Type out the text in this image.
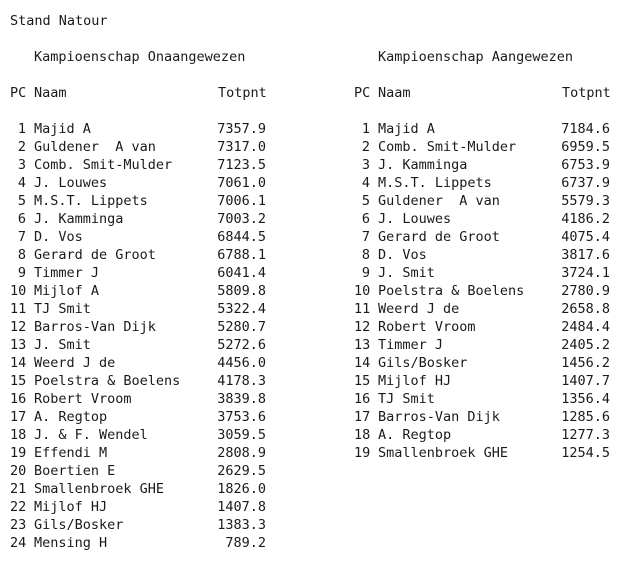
Stand Natour
Kampioenschap Onaangewezen
PC Naam	Totpnt
1 Majid A	7357.9
2 Guldener  A van	7317.0
3 Comb. Smit-Mulder	7123.5
4 J. Louwes	7061.0
5 M.S.T. Lippets	7006.1
6 J. Kamminga	7003.2
7 D. Vos	6844.5
8 Gerard de Groot	6788.1
9 Timmer J	6041.4
10 Mijlof A	5809.8
11 TJ Smit	5322.4
12 Barros-Van Dijk	5280.7
13 J. Smit	5272.6
14 Weerd J de	4456.0
15 Poelstra & Boelens	4178.3
16 Robert Vroom	3839.8
17 A. Regtop	3753.6
18 J. & F. Wendel	3059.5
19 Effendi M	2808.9
20 Boertien E	2629.5
21 Smallenbroek GHE	1826.0
22 Mijlof HJ	1407.8
23 Gils/Bosker	1383.3
24 Mensing H	789.2
Kampioenschap Aangewezen
PC Naam	Totpnt
1 Majid A	7184.6
2 Comb. Smit-Mulder	6959.5
3 J. Kamminga	6753.9
4 M.S.T. Lippets	6737.9
5 Guldener  A van	5579.3
6 J. Louwes	4186.2
7 Gerard de Groot	4075.4
8 D. Vos	3817.6
9 J. Smit	3724.1
10 Poelstra & Boelens	2780.9
11 Weerd J de	2658.8
12 Robert Vroom	2484.4
13 Timmer J	2405.2
14 Gils/Bosker	1456.2
15 Mijlof HJ	1407.7
16 TJ Smit	1356.4
17 Barros-Van Dijk	1285.6
18 A. Regtop	1277.3
19 Smallenbroek GHE	1254.5
